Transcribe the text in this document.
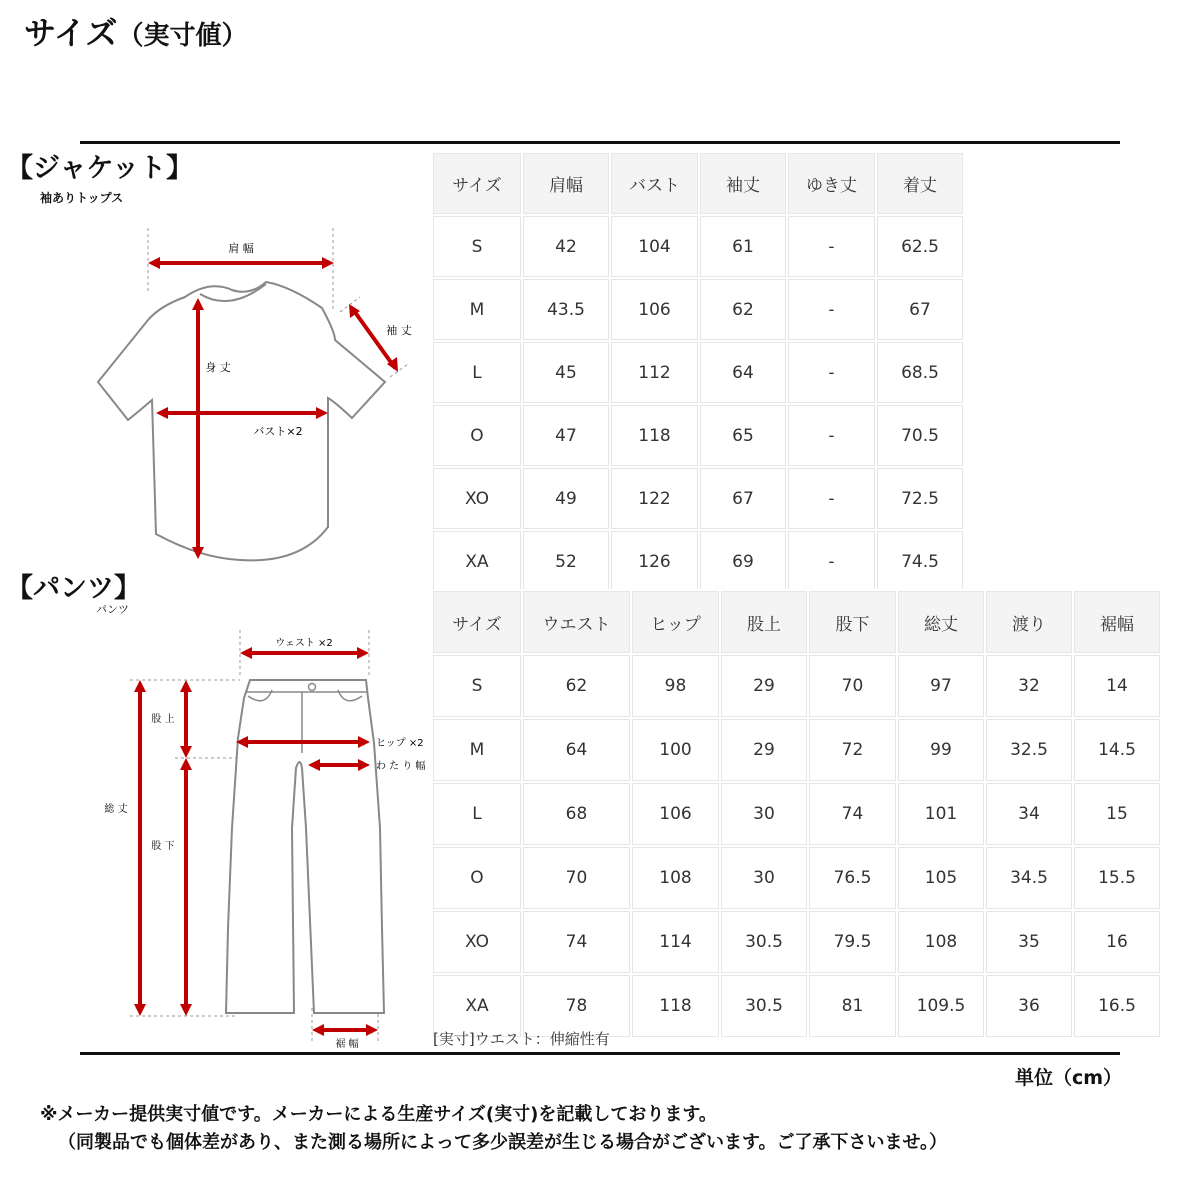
サイズ（実寸値）
【ジャケット】
袖ありトップス
肩 幅
袖 丈
身 丈
バスト×2
サイズ	肩幅	バスト	袖丈	ゆき丈	着丈
S	42	104	61	-	62.5
M	43.5	106	62	-	67
L	45	112	64	-	68.5
O	47	118	65	-	70.5
XO	49	122	67	-	72.5
XA	52	126	69	-	74.5
【パンツ】
パンツ
ウェスト ×2
股 上
ヒップ ×2
わ た り 幅
総 丈
股 下
裾 幅
サイズ	ウエスト	ヒップ	股上	股下	総丈	渡り	裾幅
S	62	98	29	70	97	32	14
M	64	100	29	72	99	32.5	14.5
L	68	106	30	74	101	34	15
O	70	108	30	76.5	105	34.5	15.5
XO	74	114	30.5	79.5	108	35	16
XA	78	118	30.5	81	109.5	36	16.5
[実寸]ウエスト：伸縮性有
単位（cm）
※メーカー提供実寸値です。メーカーによる生産サイズ(実寸)を記載しております。
（同製品でも個体差があり、また測る場所によって多少誤差が生じる場合がございます。ご了承下さいませ。）
